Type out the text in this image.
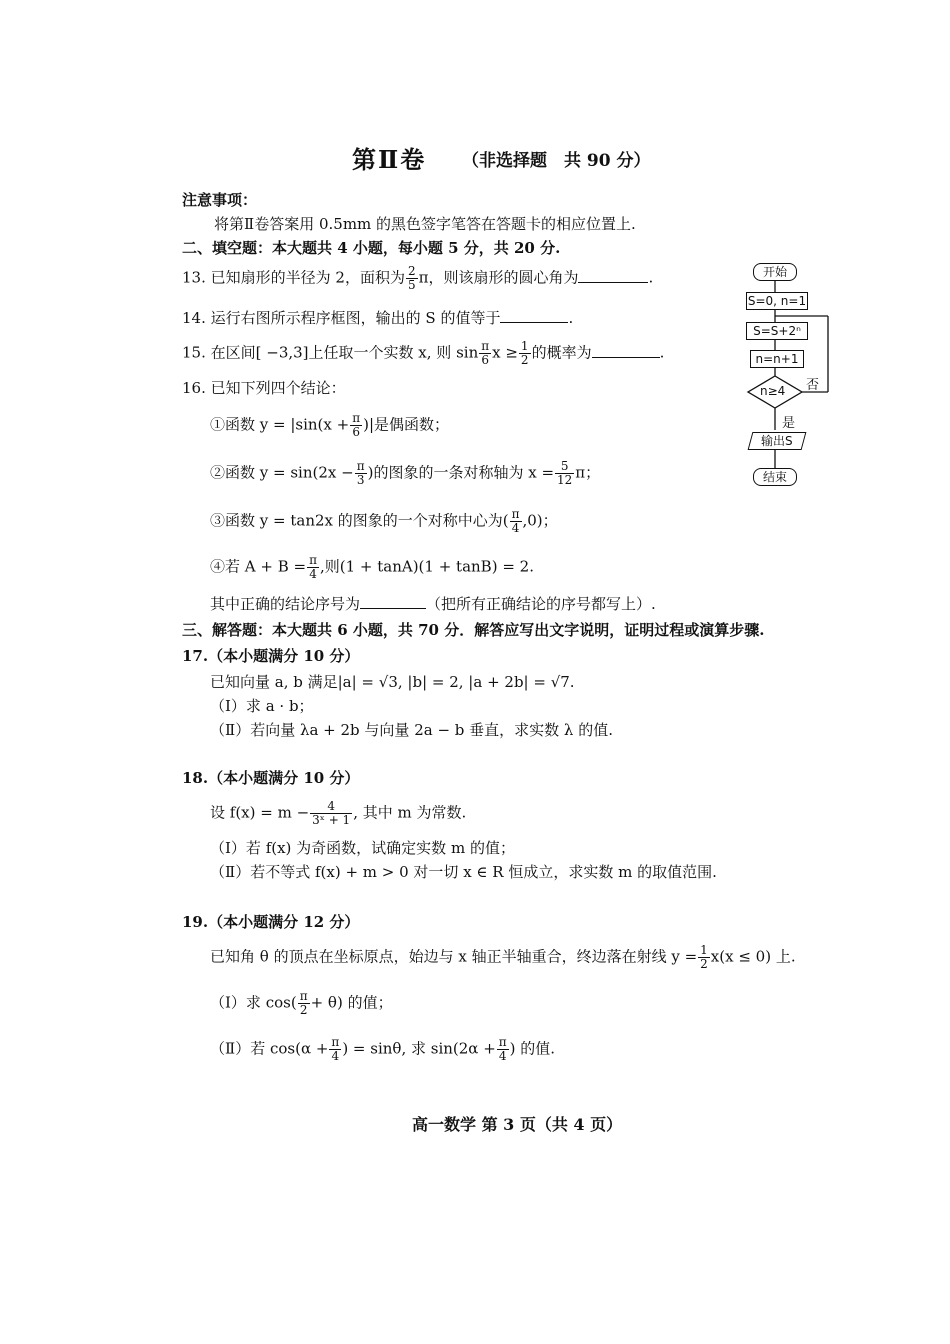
第Ⅱ卷 （非选择题　共 90 分）
注意事项：
将第Ⅱ卷答案用 0.5mm 的黑色签字笔答在答题卡的相应位置上.
二、填空题：本大题共 4 小题，每小题 5 分，共 20 分.
13. 已知扇形的半径为 2，面积为 $\frac{2}{5}$ π，则该扇形的圆心角为	.
14. 运行右图所示程序框图，输出的 S 的值等于	.
15. 在区间[ −3,3]上任取一个实数 x, 则 $\sin \frac{\pi}{6}$ $x \ge \frac{1}{2}$ 的概率为	.
16. 已知下列四个结论：
①函数 $y = |\sin(x + \frac{\pi}{6}$ )|是偶函数；
②函数 $y = \sin(2x - \frac{\pi}{3}$ )的图象的一条对称轴为 $x = \frac{5}{12}$ π；
③函数 y = tan2x 的图象的一个对称中心为( $\frac{\pi}{4} ,0$)；
④若 $A + B = \frac{\pi}{4}$ ,则(1 + tanA)(1 + tanB) = 2.
其中正确的结论序号为	（把所有正确结论的序号都写上）.
三、解答题：本大题共 6 小题，共 70 分．解答应写出文字说明，证明过程或演算步骤.
17.（本小题满分 10 分）
已知向量 a, b 满足|a| = √3, |b| = 2, |a + 2b| = √7.
（Ⅰ）求 a · b；
（Ⅱ）若向量 λa + 2b 与向量 2a − b 垂直，求实数 λ 的值.
18.（本小题满分 10 分）
设 $f(x) = m - \frac{4}{\text{3ˣ + 1}}$ , 其中 m 为常数.
（Ⅰ）若 f(x) 为奇函数，试确定实数 m 的值；
（Ⅱ）若不等式 f(x) + m > 0 对一切 x ∈ R 恒成立，求实数 m 的取值范围.
19.（本小题满分 12 分）
已知角 θ 的顶点在坐标原点，始边与 x 轴正半轴重合，终边落在射线 $y = \frac{1}{2} x(x \le 0)$ 上.
（Ⅰ）求 $\cos( \frac{\pi}{2} + \theta)$ 的值；
（Ⅱ）若 $\cos(\alpha + \frac{\pi}{4}$ ) = sinθ, 求 $\sin(2\alpha + \frac{\pi}{4}$ ) 的值.
开始
S=0, n=1
S=S+2ⁿ
n=n+1
n≥4 否
是
输出S
结束
高一数学 第 3 页（共 4 页）
